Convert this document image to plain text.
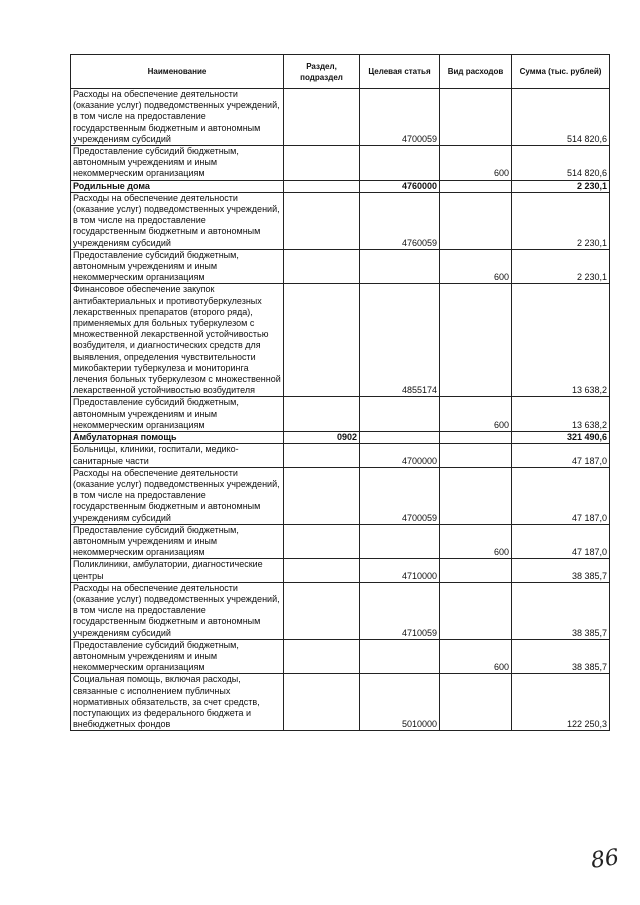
Наименование	Раздел, подраздел	Целевая статья	Вид расходов	Сумма (тыс. рублей)
Расходы на обеспечение деятельности (оказание услуг) подведомственных учреждений, в том числе на предоставление государственным бюджетным и автономным учреждениям субсидий		4700059		514 820,6
Предоставление субсидий бюджетным, автономным учреждениям и иным некоммерческим организациям			600	514 820,6
Родильные дома		4760000		2 230,1
Расходы на обеспечение деятельности (оказание услуг) подведомственных учреждений, в том числе на предоставление государственным бюджетным и автономным учреждениям субсидий		4760059		2 230,1
Предоставление субсидий бюджетным, автономным учреждениям и иным некоммерческим организациям			600	2 230,1
Финансовое обеспечение закупок антибактериальных и противотуберкулезных лекарственных препаратов (второго ряда), применяемых для больных туберкулезом с множественной лекарственной устойчивостью возбудителя, и диагностических средств для выявления, определения чувствительности микобактерии туберкулеза и мониторинга лечения больных туберкулезом с множественной лекарственной устойчивостью возбудителя		4855174		13 638,2
Предоставление субсидий бюджетным, автономным учреждениям и иным некоммерческим организациям			600	13 638,2
Амбулаторная помощь	0902			321 490,6
Больницы, клиники, госпитали, медико-санитарные части		4700000		47 187,0
Расходы на обеспечение деятельности (оказание услуг) подведомственных учреждений, в том числе на предоставление государственным бюджетным и автономным учреждениям субсидий		4700059		47 187,0
Предоставление субсидий бюджетным, автономным учреждениям и иным некоммерческим организациям			600	47 187,0
Поликлиники, амбулатории, диагностические центры		4710000		38 385,7
Расходы на обеспечение деятельности (оказание услуг) подведомственных учреждений, в том числе на предоставление государственным бюджетным и автономным учреждениям субсидий		4710059		38 385,7
Предоставление субсидий бюджетным, автономным учреждениям и иным некоммерческим организациям			600	38 385,7
Социальная помощь, включая расходы, связанные с исполнением публичных нормативных обязательств, за счет средств, поступающих из федерального бюджета и внебюджетных фондов		5010000		122 250,3
86
